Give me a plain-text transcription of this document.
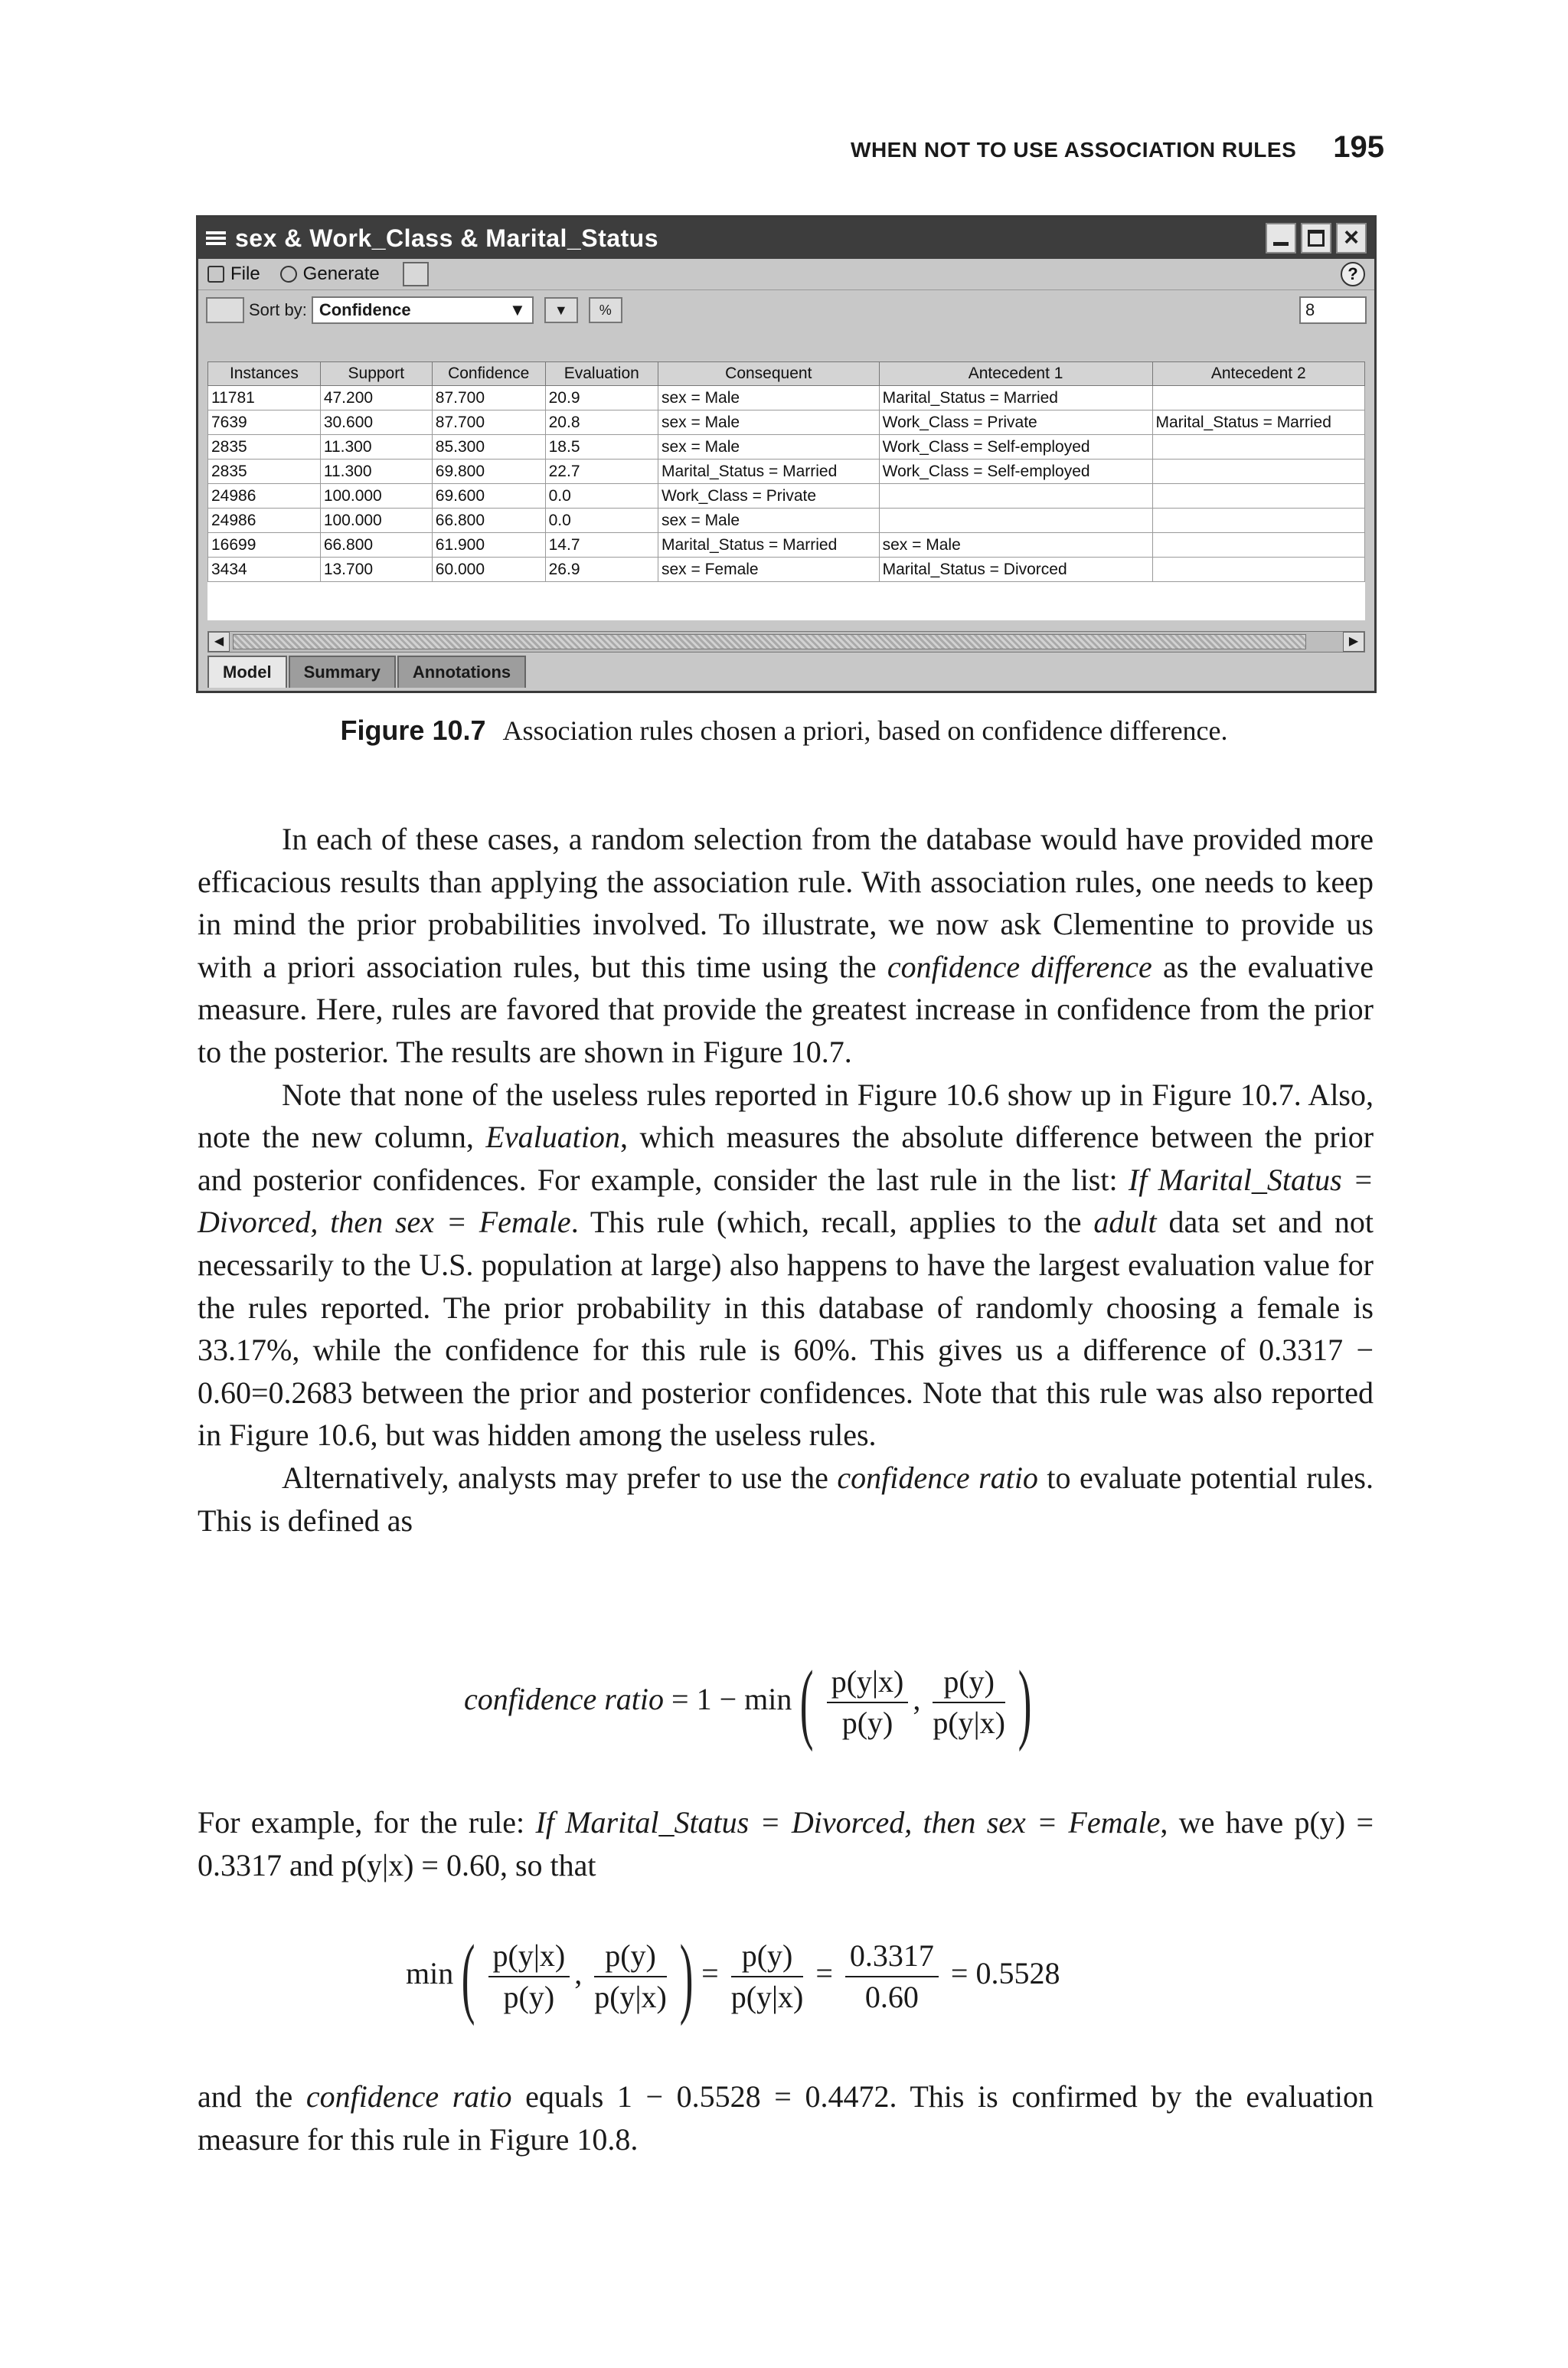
WHEN NOT TO USE ASSOCIATION RULES 195
sex & Work_Class & Marital_Status	×
File Generate	?
Sort by: Confidence	▼	▼	%	8
Instances	Support	Confidence	Evaluation	Consequent	Antecedent 1	Antecedent 2
11781	47.200	87.700	20.9	sex = Male	Marital_Status = Married	
7639	30.600	87.700	20.8	sex = Male	Work_Class = Private	Marital_Status = Married
2835	11.300	85.300	18.5	sex = Male	Work_Class = Self-employed	
2835	11.300	69.800	22.7	Marital_Status = Married	Work_Class = Self-employed	
24986	100.000	69.600	0.0	Work_Class = Private		
24986	100.000	66.800	0.0	sex = Male		
16699	66.800	61.900	14.7	Marital_Status = Married	sex = Male	
3434	13.700	60.000	26.9	sex = Female	Marital_Status = Divorced	
◀	▶
Model	Summary	Annotations
Figure 10.7 Association rules chosen a priori, based on confidence difference.

In each of these cases, a random selection from the database would have provided more efficacious results than applying the association rule. With association rules, one needs to keep in mind the prior probabilities involved. To illustrate, we now ask Clementine to provide us with a priori association rules, but this time using the confidence difference as the evaluative measure. Here, rules are favored that provide the greatest increase in confidence from the prior to the posterior. The results are shown in Figure 10.7.

Note that none of the useless rules reported in Figure 10.6 show up in Figure 10.7. Also, note the new column, Evaluation, which measures the absolute difference between the prior and posterior confidences. For example, consider the last rule in the list: If Marital_Status = Divorced, then sex = Female. This rule (which, recall, applies to the adult data set and not necessarily to the U.S. population at large) also happens to have the largest evaluation value for the rules reported. The prior probability in this database of randomly choosing a female is 33.17%, while the confidence for this rule is 60%. This gives us a difference of 0.3317 − 0.60=0.2683 between the prior and posterior confidences. Note that this rule was also reported in Figure 10.6, but was hidden among the useless rules.

Alternatively, analysts may prefer to use the confidence ratio to evaluate potential rules. This is defined as

confidence ratio = 1 − min ( $\frac{p(y|x)}{p(y)}$ , $\frac{p(y)}{p(y|x)}$ )

For example, for the rule: If Marital_Status = Divorced, then sex = Female, we have p(y) = 0.3317 and p(y|x) = 0.60, so that

min ( $\frac{p(y|x)}{p(y)}$ , $\frac{p(y)}{p(y|x)}$ ) = $\frac{p(y)}{p(y|x)} = \frac{0.3317}{0.60} = 0.5528$

and the confidence ratio equals 1 − 0.5528 = 0.4472. This is confirmed by the evaluation measure for this rule in Figure 10.8.
